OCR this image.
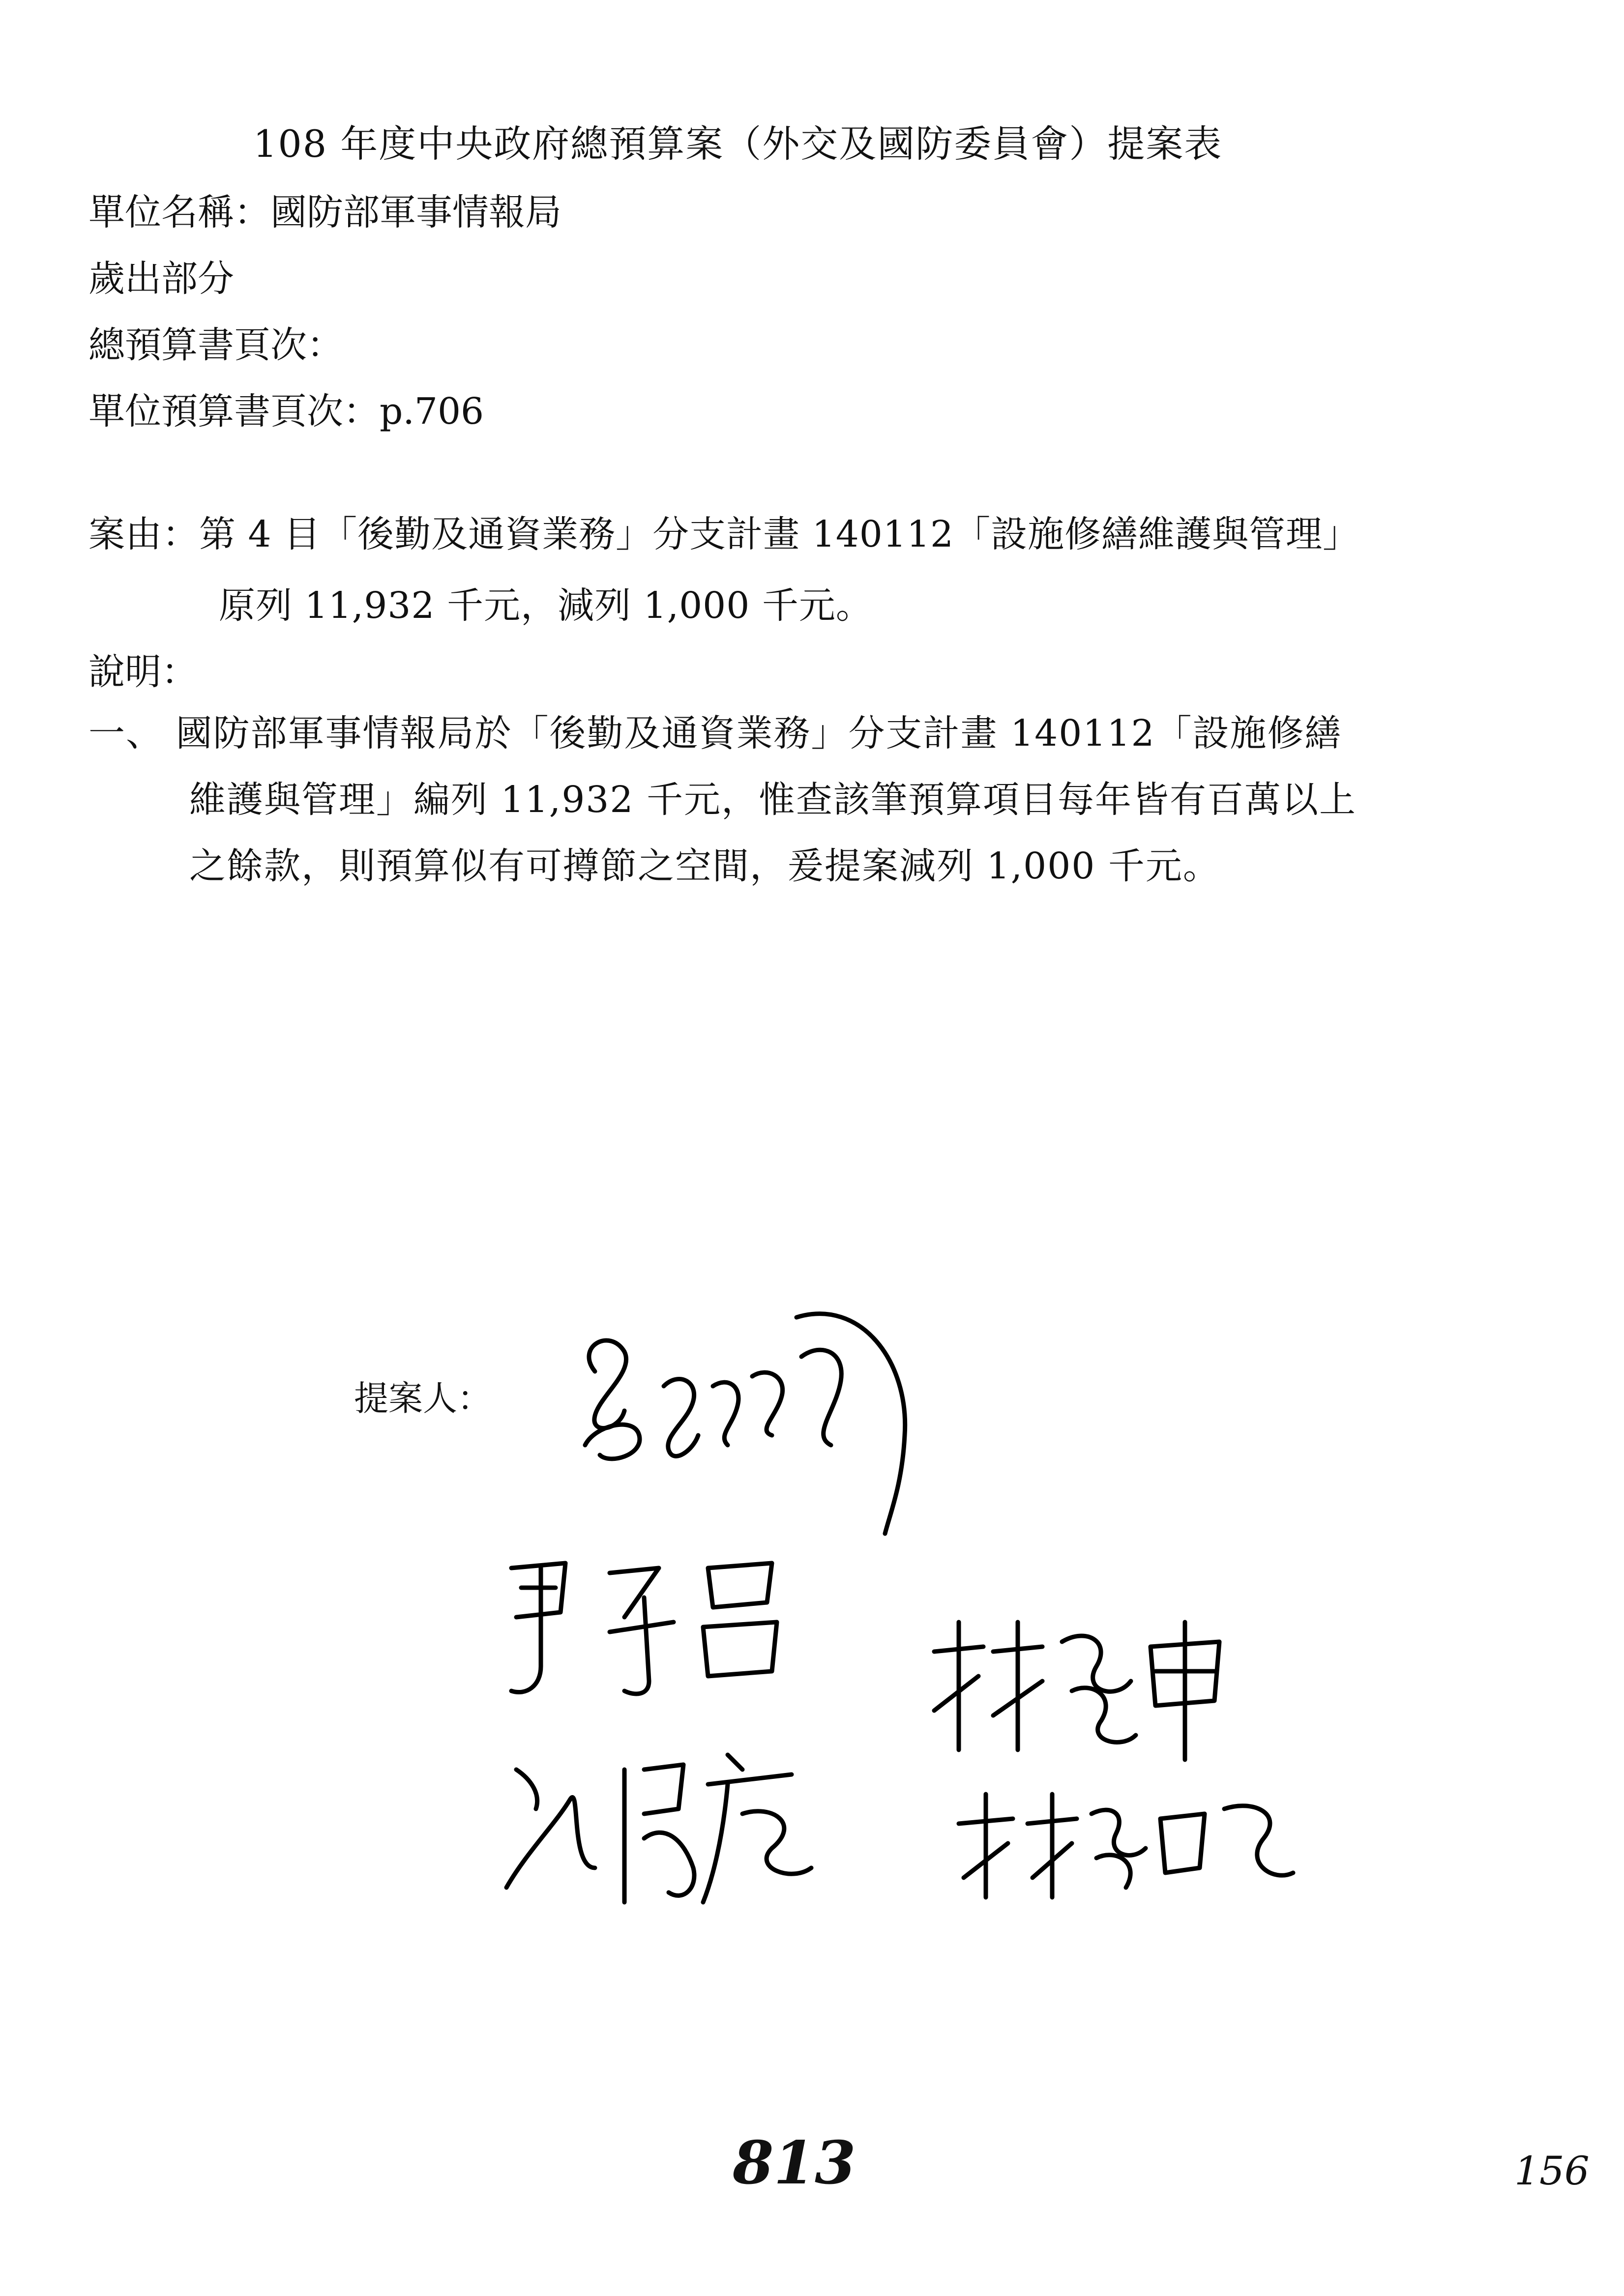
108 年度中央政府總預算案（外交及國防委員會）提案表
單位名稱：國防部軍事情報局
歲出部分
總預算書頁次：
單位預算書頁次：p.706
案由：第 4 目「後勤及通資業務」分支計畫 140112「設施修繕維護與管理」
原列 11,932 千元，減列 1,000 千元。
說明：
一、 國防部軍事情報局於「後勤及通資業務」分支計畫 140112「設施修繕
維護與管理」編列 11,932 千元，惟查該筆預算項目每年皆有百萬以上
之餘款，則預算似有可撙節之空間，爰提案減列 1,000 千元。
提案人：
813	156
